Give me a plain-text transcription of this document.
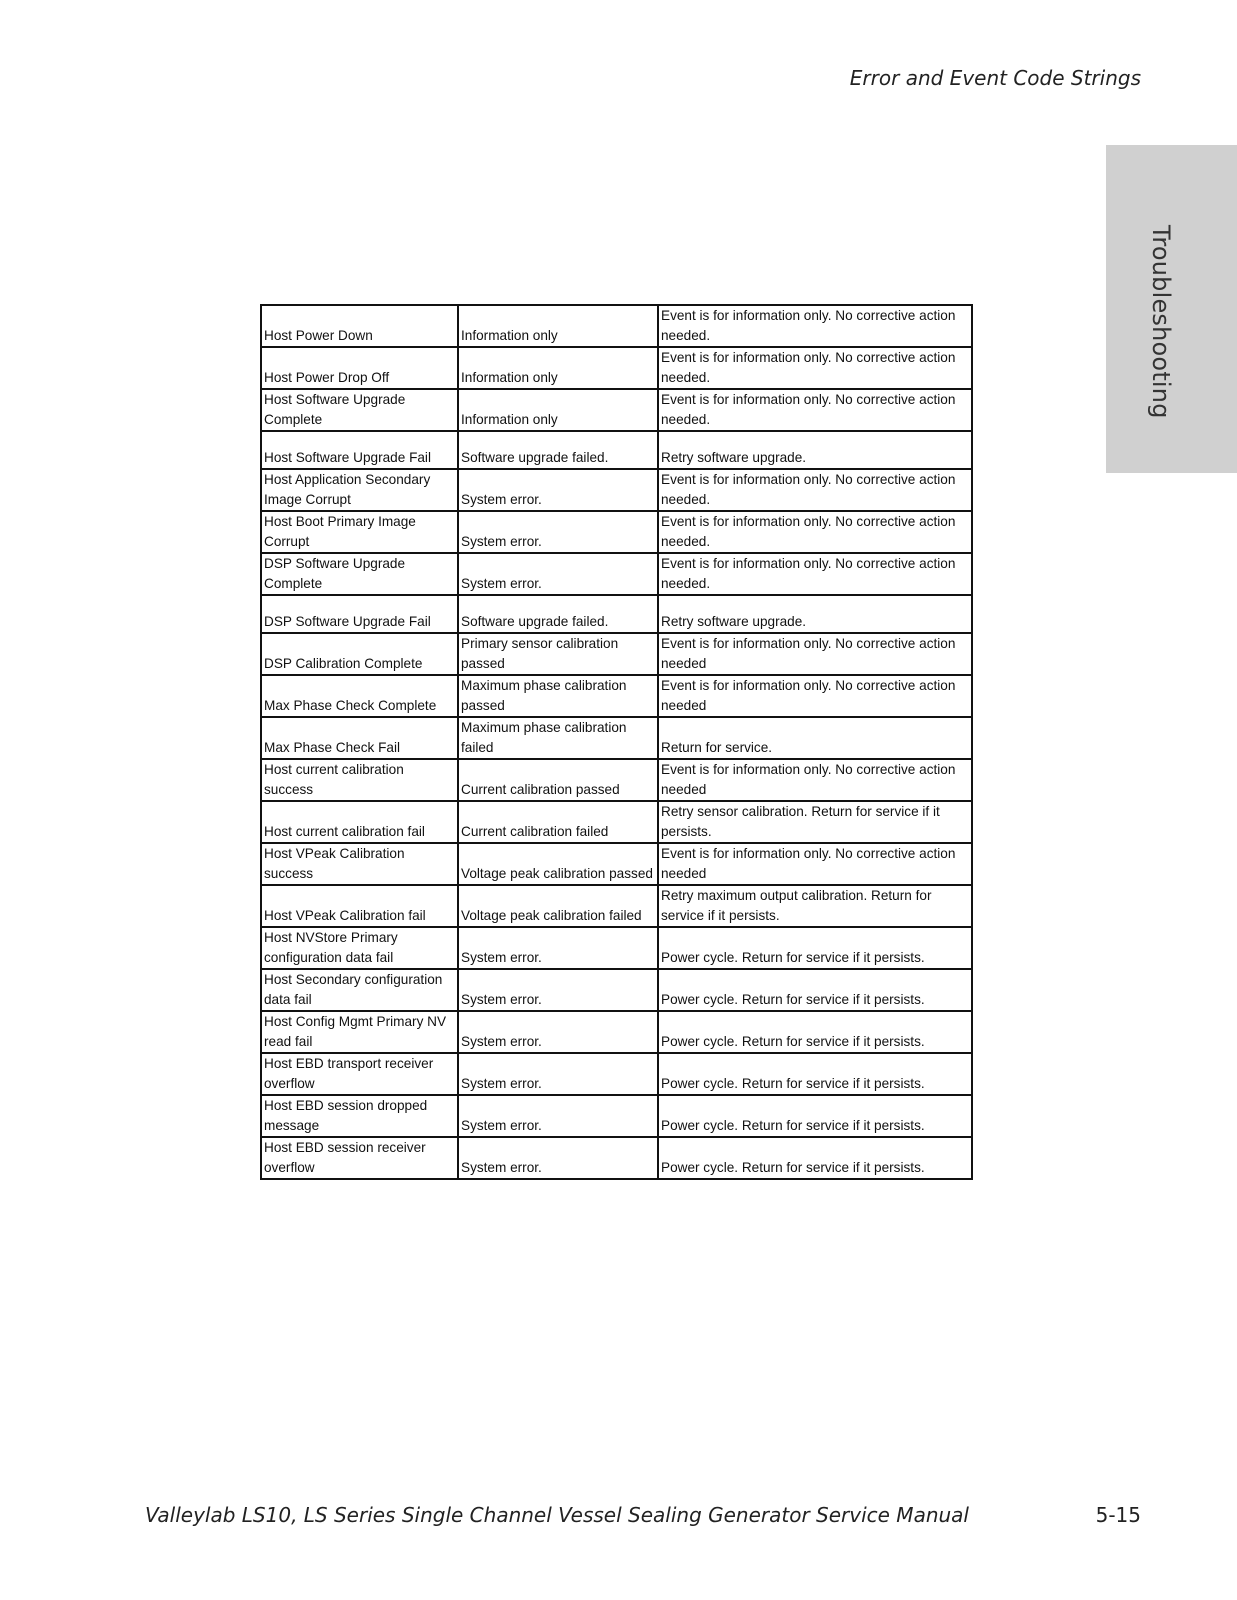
Error and Event Code Strings
Troubleshooting
Host Power Down	Information only	Event is for information only. No corrective action needed.

Host Power Drop Off	Information only	Event is for information only. No corrective action needed.

Host Software Upgrade Complete	Information only	Event is for information only. No corrective action needed.

Host Software Upgrade Fail	Software upgrade failed.	Retry software upgrade.

Host Application Secondary Image Corrupt	System error.	Event is for information only. No corrective action needed.

Host Boot Primary Image Corrupt	System error.	Event is for information only. No corrective action needed.

DSP Software Upgrade Complete	System error.	Event is for information only. No corrective action needed.

DSP Software Upgrade Fail	Software upgrade failed.	Retry software upgrade.

DSP Calibration Complete	Primary sensor calibration passed	Event is for information only. No corrective action needed

Max Phase Check Complete	Maximum phase calibration passed	Event is for information only. No corrective action needed

Max Phase Check Fail	Maximum phase calibration failed	Return for service.

Host current calibration success	Current calibration passed	Event is for information only. No corrective action needed

Host current calibration fail	Current calibration failed	Retry sensor calibration. Return for service if it persists.

Host VPeak Calibration success	Voltage peak calibration passed	Event is for information only. No corrective action needed

Host VPeak Calibration fail	Voltage peak calibration failed	Retry maximum output calibration. Return for service if it persists.

Host NVStore Primary configuration data fail	System error.	Power cycle. Return for service if it persists.

Host Secondary configuration data fail	System error.	Power cycle. Return for service if it persists.

Host Config Mgmt Primary NV read fail	System error.	Power cycle. Return for service if it persists.

Host EBD transport receiver overflow	System error.	Power cycle. Return for service if it persists.

Host EBD session dropped message	System error.	Power cycle. Return for service if it persists.

Host EBD session receiver overflow	System error.	Power cycle. Return for service if it persists.
Valleylab LS10, LS Series Single Channel Vessel Sealing Generator Service Manual	5-15
